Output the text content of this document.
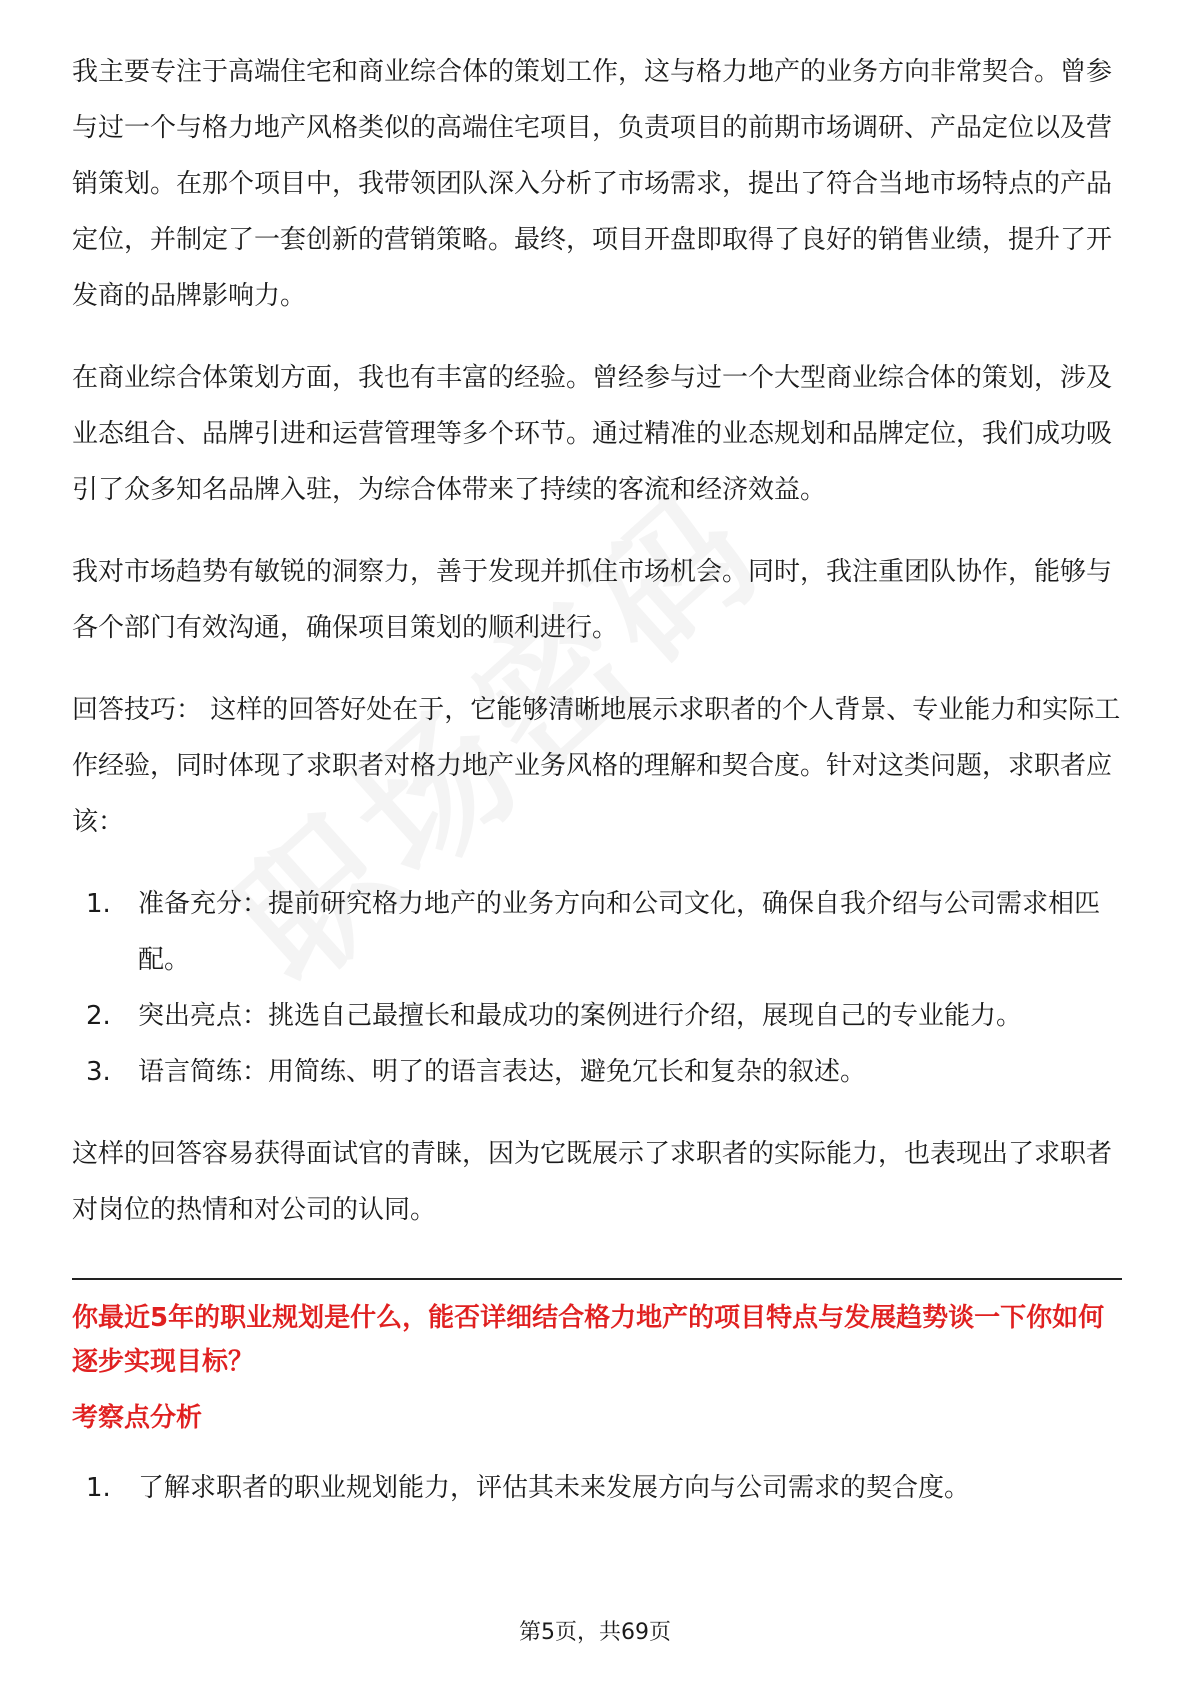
我主要专注于高端住宅和商业综合体的策划工作，这与格力地产的业务方向非常契合。曾参与过一个与格力地产风格类似的高端住宅项目，负责项目的前期市场调研、产品定位以及营销策划。在那个项目中，我带领团队深入分析了市场需求，提出了符合当地市场特点的产品定位，并制定了一套创新的营销策略。最终，项目开盘即取得了良好的销售业绩，提升了开发商的品牌影响力。

在商业综合体策划方面，我也有丰富的经验。曾经参与过一个大型商业综合体的策划，涉及业态组合、品牌引进和运营管理等多个环节。通过精准的业态规划和品牌定位，我们成功吸引了众多知名品牌入驻，为综合体带来了持续的客流和经济效益。

我对市场趋势有敏锐的洞察力，善于发现并抓住市场机会。同时，我注重团队协作，能够与各个部门有效沟通，确保项目策划的顺利进行。

回答技巧： 这样的回答好处在于，它能够清晰地展示求职者的个人背景、专业能力和实际工作经验，同时体现了求职者对格力地产业务风格的理解和契合度。针对这类问题，求职者应该：

1.	准备充分：提前研究格力地产的业务方向和公司文化，确保自我介绍与公司需求相匹配。
2.	突出亮点：挑选自己最擅长和最成功的案例进行介绍，展现自己的专业能力。
3.	语言简练：用简练、明了的语言表达，避免冗长和复杂的叙述。

这样的回答容易获得面试官的青睐，因为它既展示了求职者的实际能力，也表现出了求职者对岗位的热情和对公司的认同。

你最近5年的职业规划是什么，能否详细结合格力地产的项目特点与发展趋势谈一下你如何逐步实现目标？
考察点分析
1.	了解求职者的职业规划能力，评估其未来发展方向与公司需求的契合度。
第5页，共69页
